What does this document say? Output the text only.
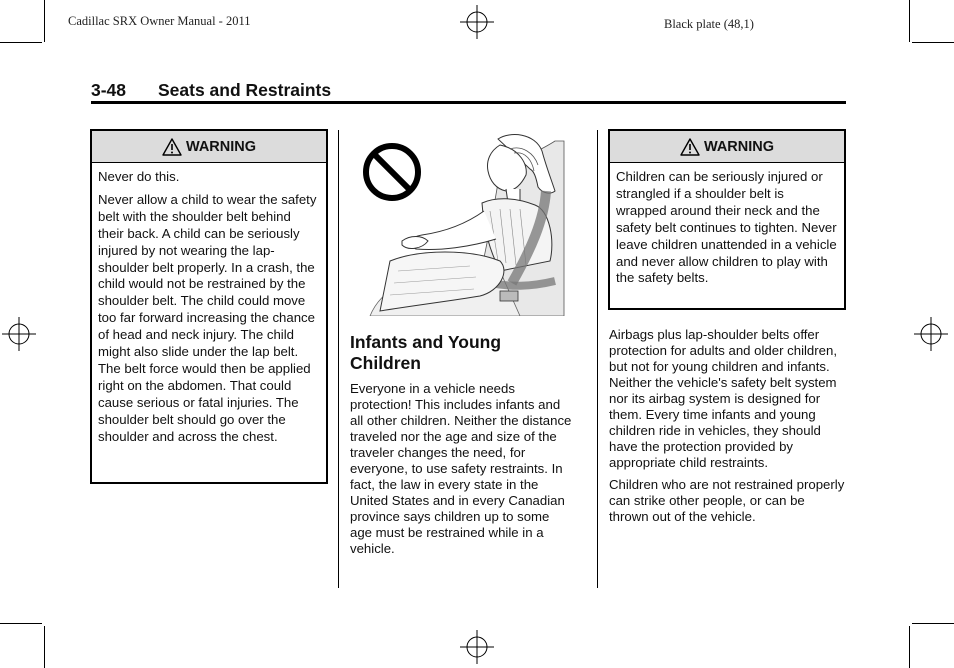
Cadillac SRX Owner Manual - 2011	Black plate (48,1)
3-48 Seats and Restraints
WARNING

Never do this.

Never allow a child to wear the safety belt with the shoulder belt behind their back. A child can be seriously injured by not wearing the lap-shoulder belt properly. In a crash, the child would not be restrained by the shoulder belt. The child could move too far forward increasing the chance of head and neck injury. The child might also slide under the lap belt. The belt force would then be applied right on the abdomen. That could cause serious or fatal injuries. The shoulder belt should go over the shoulder and across the chest.

Infants and Young
Children

Everyone in a vehicle needs protection! This includes infants and all other children. Neither the distance traveled nor the age and size of the traveler changes the need, for everyone, to use safety restraints. In fact, the law in every state in the United States and in every Canadian province says children up to some age must be restrained while in a vehicle.

WARNING

Children can be seriously injured or strangled if a shoulder belt is wrapped around their neck and the safety belt continues to tighten. Never leave children unattended in a vehicle and never allow children to play with the safety belts.

Airbags plus lap-shoulder belts offer protection for adults and older children, but not for young children and infants. Neither the vehicle's safety belt system nor its airbag system is designed for them. Every time infants and young children ride in vehicles, they should have the protection provided by appropriate child restraints.

Children who are not restrained properly can strike other people, or can be thrown out of the vehicle.
